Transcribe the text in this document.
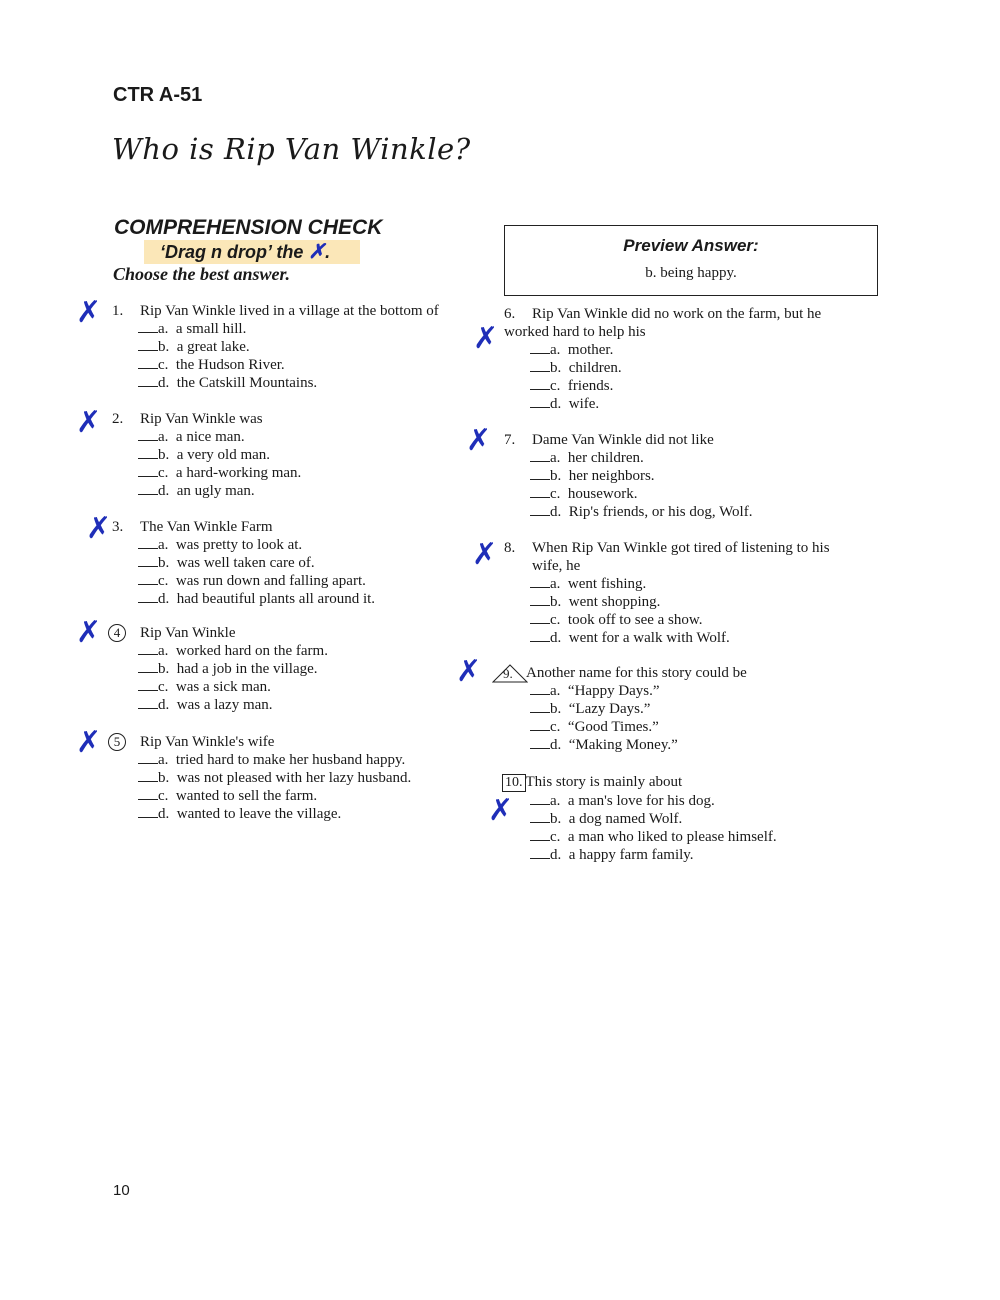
CTR A-51
Who is Rip Van Winkle?
COMPREHENSION CHECK
‘Drag n drop’ the ✗.
Choose the best answer.
Preview Answer:
b. being happy.
1. Rip Van Winkle lived in a village at the bottom of
a. a small hill.
b. a great lake.
c. the Hudson River.
d. the Catskill Mountains.
2. Rip Van Winkle was
a. a nice man.
b. a very old man.
c. a hard-working man.
d. an ugly man.
3. The Van Winkle Farm
a. was pretty to look at.
b. was well taken care of.
c. was run down and falling apart.
d. had beautiful plants all around it.
4 Rip Van Winkle
a. worked hard on the farm.
b. had a job in the village.
c. was a sick man.
d. was a lazy man.
5 Rip Van Winkle's wife
a. tried hard to make her husband happy.
b. was not pleased with her lazy husband.
c. wanted to sell the farm.
d. wanted to leave the village.
6. Rip Van Winkle did no work on the farm, but he
worked hard to help his
a. mother.
b. children.
c. friends.
d. wife.
7. Dame Van Winkle did not like
a. her children.
b. her neighbors.
c. housework.
d. Rip's friends, or his dog, Wolf.
8. When Rip Van Winkle got tired of listening to his
wife, he
a. went fishing.
b. went shopping.
c. took off to see a show.
d. went for a walk with Wolf.
9. Another name for this story could be
a. “Happy Days.”
b. “Lazy Days.”
c. “Good Times.”
d. “Making Money.”
10. This story is mainly about
a. a man's love for his dog.
b. a dog named Wolf.
c. a man who liked to please himself.
d. a happy farm family.
✗
✗
✗
✗
✗
✗
✗
✗
✗
✗
10
